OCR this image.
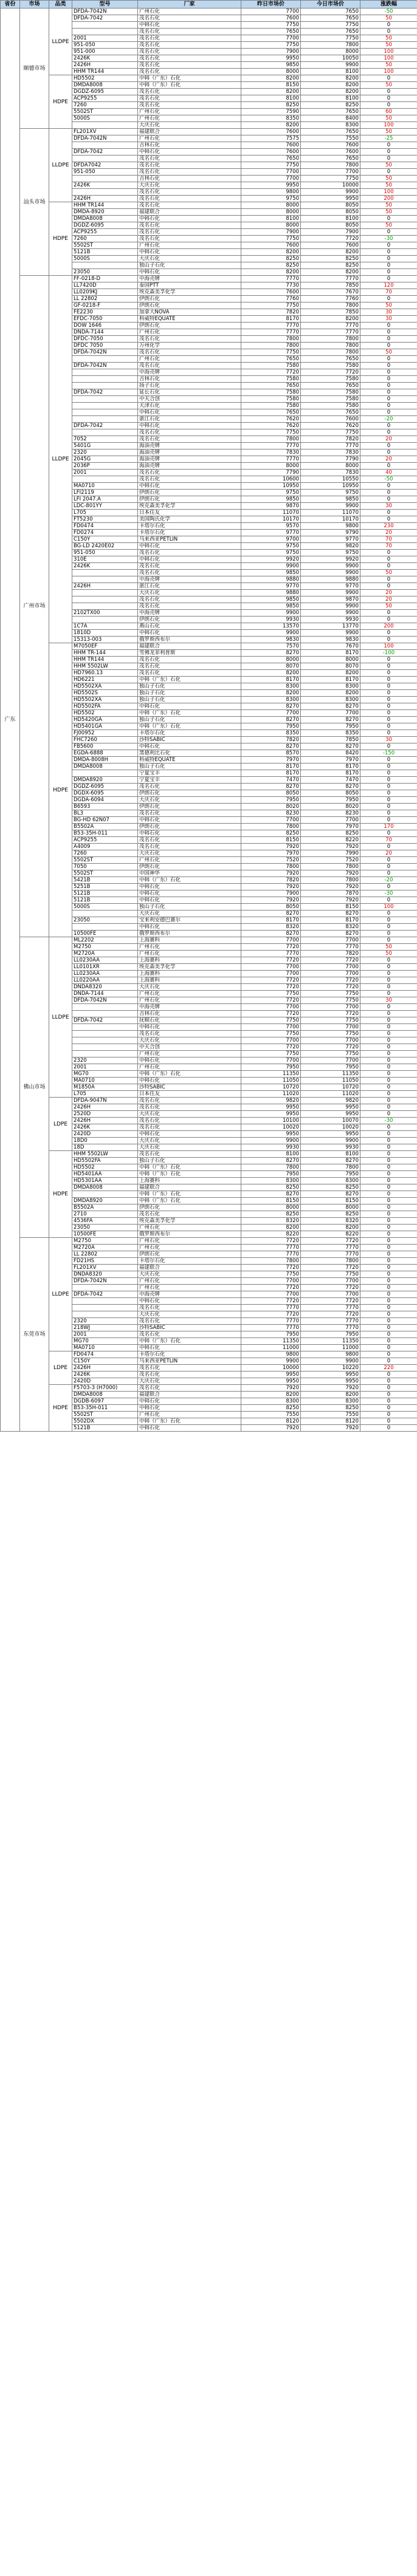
省份	市场	品类	型号	厂家	昨日市场价	今日市场价	涨跌幅
广东	顺德市场	LLDPE	DFDA-7042N	广州石化	7700	7650	-50
			DFDA-7042	茂名石化	7600	7650	50
				中韩石化	7750	7750	0
				茂名石化	7650	7650	0
			2001	茂名石化	7700	7750	50
			951-050	茂名石化	7750	7800	50
			951-000	茂名石化	7900	8000	100
			2426K	茂名石化	9950	10050	100
			2426H	茂名石化	9850	9900	50
			HHM TR144	茂名石化	8000	8100	100
		HDPE	HD5502	中韩（广东）石化	8200	8200	0
			DMDA8008	中韩（广东）石化	8150	8200	50
			DGDZ-6095	茂名石化	8200	8200	0
			ACP9255	茂名石化	8100	8100	0
			7260	茂名石化	8250	8250	0
			5502ST	广州石化	7590	7650	60
			5000S	广州石化	8350	8400	50
				大庆石化	8200	8300	100
	汕头市场	LLDPE	FL201XV	福建联合	7600	7650	50
			DFDA-7042N	广州石化	7575	7550	-25
				吉林石化	7600	7600	0
			DFDA-7042	中韩石化	7600	7600	0
				茂名石化	7650	7650	0
			DFDA7042	茂名石化	7750	7800	50
			951-050	茂名石化	7700	7700	0
				吉林石化	7700	7750	50
			2426K	大庆石化	9950	10000	50
				茂名石化	9800	9900	100
			2426H	茂名石化	9750	9950	200
		HDPE	HHM TR144	茂名石化	8000	8050	50
			DMDA-8920	福建联合	8000	8050	50
			DMDA8008	中韩石化	8100	8100	0
			DGDZ-6095	茂名石化	8000	8050	50
			ACP9255	茂名石化	7900	7900	0
			7260	茂名石化	7750	7720	-30
			5502ST	广州石化	7600	7600	0
			5121B	中韩石化	8200	8200	0
			5000S	大庆石化	8250	8250	0
				独山子石化	8250	8250	0
			23050	中韩石化	8200	8200	0
	广州市场	LLDPE	FF-0218-D	中海壳牌	7770	7770	0
			LL7420D	泰国PTT	7730	7850	120
			LL0209KJ	埃克森美孚化学	7600	7670	70
			LL 22802	伊朗石化	7760	7760	0
			GF-0218-F	伊朗石化	7750	7800	50
			FE2230	加拿大NOVA	7820	7850	30
			EFDC-7050	科威特EQUATE	8170	8200	30
			DOW 1646	伊朗石化	7770	7770	0
			DNDA-7144	广州石化	7770	7770	0
			DFDC-7050	茂名石化	7800	7800	0
			DFDC 7050	万州化学	7800	7800	0
			DFDA-7042N	茂名石化	7750	7800	50
				广州石化	7650	7650	0
			DFDA-7042N	茂名石化	7580	7580	0
				中海壳牌	7720	7720	0
				吉林石化	7580	7580	0
				扬子石化	7650	7650	0
			DFDA-7042	延长石化	7580	7580	0
				中天合创	7580	7580	0
				天津石化	7580	7580	0
				中韩石化	7650	7650	0
				浙江石化	7620	7600	-20
			DFDA-7042	中韩石化	7620	7620	0
				茂名石化	7750	7750	0
			7052	茂名石化	7800	7820	20
			5401G	海油壳牌	7770	7770	0
			2320	海油壳牌	7830	7830	0
			2045G	海油壳牌	7770	7790	20
			2036P	海油壳牌	8000	8000	0
			2001	茂名石化	7790	7830	40
				茂名石化	10600	10550	-50
			MA0710	中韩石化	10950	10950	0
			LFI2119	伊朗石化	9750	9750	0
			LFI 2047.A	伊朗石化	9850	9850	0
			LDC-801YY	埃克森美孚化学	9870	9900	30
			L705	日本住友	11070	11070	0
			FT5230	美国陶氏化学	10170	10170	0
			FD0474	卡塔尔石化	9570	9800	230
			FD0274	卡塔尔石化	9770	9790	20
			C150Y	马来西亚PETLIN	9700	9770	70
			BG-LD 2420E02	中韩石化	9750	9820	70
			951-050	茂名石化	9750	9750	0
			310E	中韩石化	9920	9920	0
			2426K	茂名石化	9900	9900	0
				茂名石化	9850	9900	50
				中海壳牌	9880	9880	0
			2426H	浙江石化	9770	9770	0
				大庆石化	9880	9900	20
				茂名石化	9850	9870	20
				茂名石化	9850	9900	50
			2102TX00	中海壳牌	9900	9900	0
				伊朗石化	9930	9930	0
			1C7A	燕山石化	13570	13770	200
			1810D	中韩石化	9900	9900	0
			15313-003	俄罗斯西布尔	9830	9830	0
		HDPE	M7050EF	福建联合	7570	7670	100
			HHM TR-144	雪佛龙菲利普斯	8270	8170	-100
			HHM TR144	茂名石化	8000	8000	0
			HHM 5502LW	茂名石化	8070	8070	0
			HD7960.13	茂名石化	8200	8200	0
			HD6221	中韩（广东）石化	8170	8170	0
			HD5502XA	独山子石化	8300	8300	0
			HD5502S	独山子石化	8200	8200	0
			HD5502XA	独山子石化	8300	8300	0
			HD5502FA	中韩石化	8270	8270	0
			HD5502	中韩（广东）石化	7700	7700	0
			HD5420GA	独山子石化	8270	8270	0
			HD5401GA	中韩（广东）石化	7950	7950	0
			FJ00952	卡塔尔石化	8350	8350	0
			FHC7260	沙特SABIC	7820	7850	30
			FB5600	中韩石化	8270	8270	0
			EGDA-6888	黑德利比石化	8570	8420	-150
			DMDA-8008H	科威特EQUATE	7970	7970	0
			DMDA8008	独山子石化	8170	8170	0
				宁夏宝丰	8170	8170	0
			DMDA8920	宁夏宝丰	7470	7470	0
			DGDZ-6095	茂名石化	8270	8270	0
			DGDX-6095	伊朗石化	8050	8050	0
			DGDA-6094	大庆石化	7950	7950	0
			B6593	伊朗石化	8020	8020	0
			BL3	茂名石化	8230	8230	0
			BG-HD 62N07	中韩石化	7700	7700	0
			B5502A	伊朗石化	7800	7970	170
			B53-35H-011	中韩石化	8250	8250	0
			ACP9255	茂名石化	8150	8220	70
			A4009	茂名石化	7920	7920	0
			7260	大庆石化	7970	7990	20
			5502ST	广州石化	7520	7520	0
			7050	伊朗石化	7800	7800	0
			5502ST	中国神华	7920	7920	0
			5421B	中韩（广东）石化	7820	7800	-20
			5251B	中韩石化	7920	7920	0
			5121B	中韩石化	7900	7870	-30
			5121B	中韩石化	7920	7920	0
			5000S	独山子石化	8050	8150	100
				大庆石化	8270	8270	0
			23050	宝来利安德巴赛尔	8170	8170	0
				中韩石化	8320	8320	0
			10500FE	俄罗斯西布尔	8270	8270	0
	佛山市场	LLDPE	ML2202	上海赛科	7700	7700	0
			M2750	广州石化	7720	7770	50
			M2720A	广州石化	7770	7820	50
			LL0230AA	上海赛科	7720	7720	0
			LL0101XR	埃克森美孚化学	7700	7700	0
			LL0230AA	上海赛科	7700	7700	0
			LL0220AA	上海赛科	7720	7720	0
			DNDA8320	大庆石化	7720	7720	0
			DNDA-7144	广州石化	7750	7750	0
			DFDA-7042N	广州石化	7720	7750	30
				中海壳牌	7700	7700	0
				吉林石化	7720	7720	0
			DFDA-7042	抚顺石化	7750	7750	0
				中韩石化	7700	7700	0
				茂名石化	7750	7750	0
				大庆石化	7700	7700	0
				中天合创	7720	7720	0
				广州石化	7750	7750	0
			2320	中韩石化	7700	7700	0
			2001	广州石化	7950	7950	0
			MG70	中韩（广东）石化	11350	11350	0
			MA0710	中韩石化	11050	11050	0
			M1850A	沙特SABIC	10720	10720	0
			L705	日本住友	11020	11020	0
		LDPE	DFDA-9047N	茂名石化	9820	9820	0
			2426H	茂名石化	9950	9950	0
			2520D	大庆石化	9950	9950	0
			2426H	茂名石化	10100	10070	-30
			2426K	茂名石化	10020	10020	0
			2420D	中韩石化	9950	9950	0
			18D0	大庆石化	9900	9900	0
			18D	大庆石化	9930	9930	0
		HDPE	HHM 5502LW	茂名石化	8100	8100	0
			HD5502FA	独山子石化	8270	8270	0
			HD5502	中韩（广东）石化	7800	7800	0
			HD5401AA	中韩（广东）石化	7950	7950	0
			HD5301AA	上海赛科	8300	8300	0
			DMDA8008	福建联合	8250	8250	0
				中韩（广东）石化	8270	8270	0
			DMDA8920	中韩（广东）石化	8150	8150	0
			B5502A	伊朗石化	8000	8000	0
			2710	茂名石化	8250	8250	0
			4536FA	埃克森美孚化学	8320	8320	0
			23050	广州石化	8200	8200	0
			10500FE	俄罗斯西布尔	8220	8220	0
	东莞市场	LLDPE	M2750	广州石化	7720	7720	0
			M2720A	广州石化	7770	7770	0
			LL 22802	伊朗石化	7770	7770	0
			FD21HS	卡塔尔石化	7800	7800	0
			FL201XV	福建联合	7720	7720	0
			DNDA8320	大庆石化	7750	7750	0
			DFDA-7042N	广州石化	7700	7700	0
				广州石化	7720	7720	0
			DFDA-7042	中海壳牌	7700	7700	0
				中韩石化	7720	7720	0
				茂名石化	7770	7770	0
				大庆石化	7720	7720	0
			2320	茂名石化	7770	7770	0
			218WJ	沙特SABIC	7770	7770	0
			2001	茂名石化	7950	7950	0
			MG70	中韩（广东）石化	11350	11350	0
			MA0710	中韩石化	11000	11000	0
		LDPE	FD0474	卡塔尔石化	9800	9800	0
			C150Y	马来西亚PETLIN	9900	9900	0
			2426H	茂名石化	10000	10220	220
			2426K	茂名石化	9950	9950	0
			2420D	大庆石化	9950	9950	0
		HDPE	F5703-3 (H7000)	茂名石化	7920	7920	0
			DMDA8008	福建联合	8200	8200	0
			DGDB-6097	中韩石化	8300	8300	0
			B53-35H-011	中韩石化	8250	8250	0
			5502ST	广州石化	7550	7550	0
			5502DX	中韩（广东）石化	8120	8120	0
			5121B	中韩石化	7920	7920	0
